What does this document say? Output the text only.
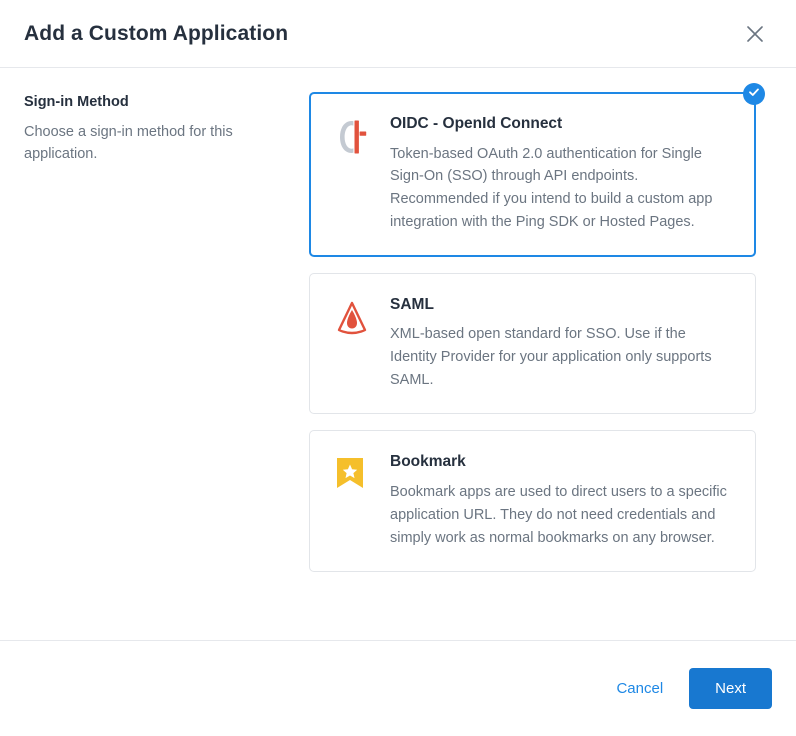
Add a Custom Application
Sign-in Method

Choose a sign-in method for this application.

OIDC - OpenId Connect

Token-based OAuth 2.0 authentication for Single Sign-On (SSO) through API endpoints. Recommended if you intend to build a custom app integration with the Ping SDK or Hosted Pages.

SAML

XML-based open standard for SSO. Use if the Identity Provider for your application only supports SAML.

Bookmark

Bookmark apps are used to direct users to a specific application URL. They do not need credentials and simply work as normal bookmarks on any browser.

Cancel	Next
